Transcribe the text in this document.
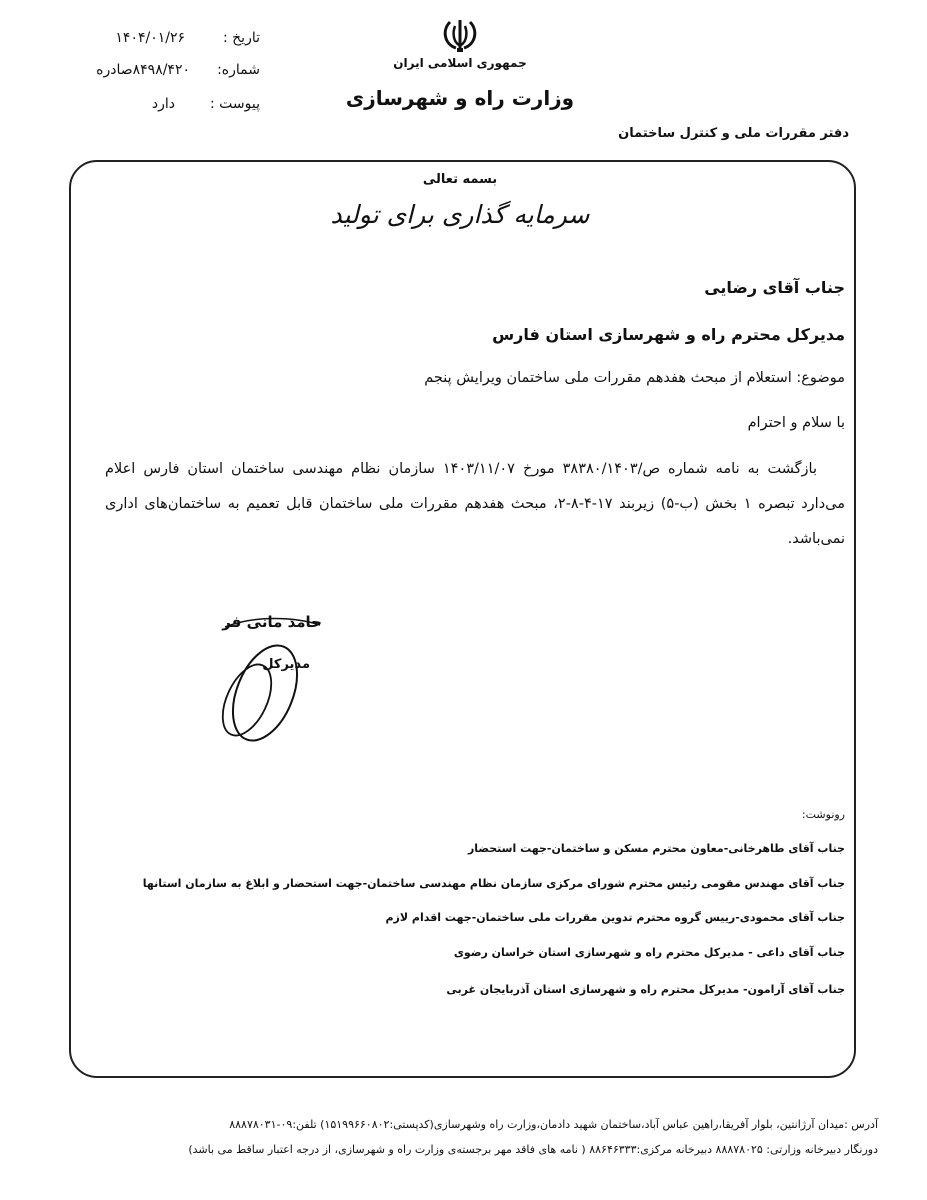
تاریخ :
۱۴۰۴/۰۱/۲۶
شماره:
۸۴۹۸/۴۲۰صادره
پیوست :
دارد
جمهوری اسلامی ایران
وزارت راه و شهرسازی
دفتر مقررات ملی و کنترل ساختمان
بسمه تعالی
سرمایه گذاری برای تولید
جناب آقای رضایی
مدیرکل محترم راه و شهرسازی استان فارس
موضوع: استعلام از مبحث هفدهم مقررات ملی ساختمان ویرایش پنجم
با سلام و احترام
بازگشت به نامه شماره ص/۳۸۳۸۰/۱۴۰۳ مورخ ۱۴۰۳/۱۱/۰۷ سازمان نظام مهندسی ساختمان استان فارس اعلام می‌دارد تبصره ۱ بخش (ب-۵) زیربند ۱۷-۴-۸-۲، مبحث هفدهم مقررات ملی ساختمان قابل تعمیم به ساختمان‌های اداری نمی‌باشد.
حامد مانی فر
مدیرکل
رونوشت:
جناب آقای طاهرخانی-معاون محترم مسکن و ساختمان-جهت استحضار
جناب آقای مهندس مقومی رئیس محترم شورای مرکزی سازمان نظام مهندسی ساختمان-جهت استحضار و ابلاغ به سازمان استانها
جناب آقای محمودی-رییس گروه محترم تدوین مقررات ملی ساختمان-جهت اقدام لازم
جناب آقای داعی - مدیرکل محترم راه و شهرسازی استان خراسان رضوی
جناب آقای آرامون- مدیرکل محترم راه و شهرسازی استان آذربایجان غربی
آدرس :میدان آرژانتین، بلوار آفریقا،راهین عباس آباد،ساختمان شهید دادمان،وزارت راه وشهرسازی(کدپستی:۱۵۱۹۹۶۶۰۸۰۲) تلفن:۰۹-۸۸۸۷۸۰۳۱
دورنگار دبیرخانه وزارتی: ۸۸۸۷۸۰۲۵ دبیرخانه مرکزی:۸۸۶۴۶۳۳۳ ( نامه های فاقد مهر برجسته‌ی وزارت راه و شهرسازی، از درجه اعتبار ساقط می باشد)
